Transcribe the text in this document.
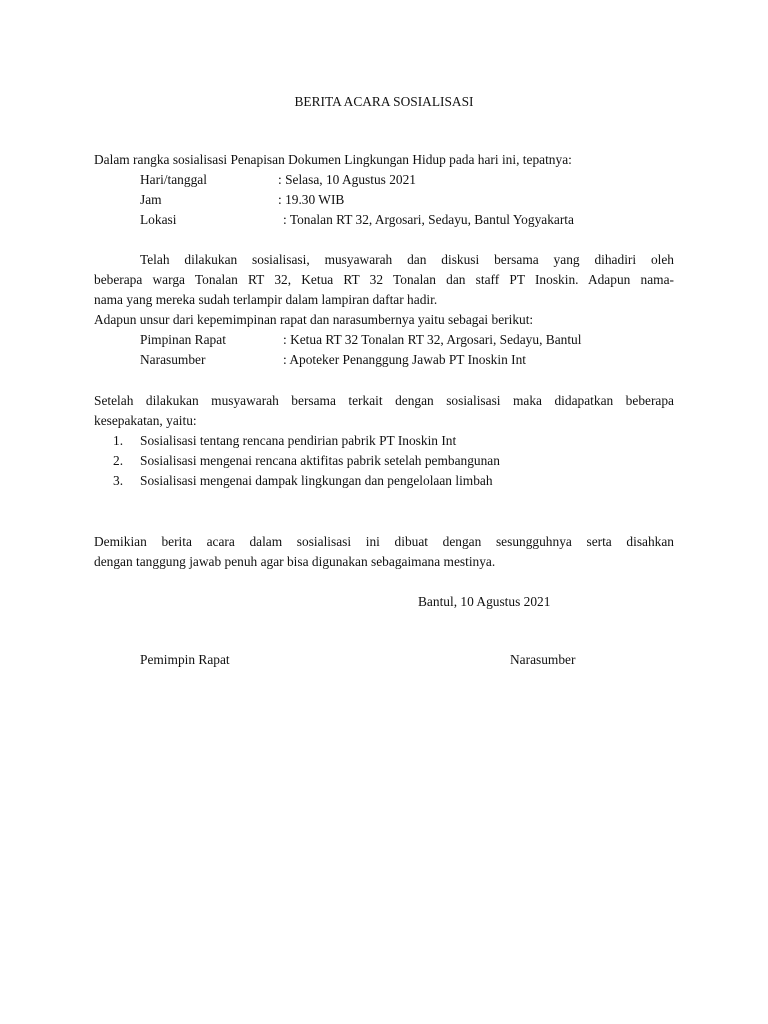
BERITA ACARA SOSIALISASI
Dalam rangka sosialisasi Penapisan Dokumen Lingkungan Hidup pada hari ini, tepatnya:
Hari/tanggal	: Selasa, 10 Agustus 2021
Jam	: 19.30 WIB
Lokasi	: Tonalan RT 32, Argosari, Sedayu, Bantul Yogyakarta
Telah dilakukan sosialisasi, musyawarah dan diskusi bersama yang dihadiri oleh
beberapa warga Tonalan RT 32, Ketua RT 32 Tonalan dan staff PT Inoskin. Adapun nama-
nama yang mereka sudah terlampir dalam lampiran daftar hadir.
Adapun unsur dari kepemimpinan rapat dan narasumbernya yaitu sebagai berikut:
Pimpinan Rapat	: Ketua RT 32 Tonalan RT 32, Argosari, Sedayu, Bantul
Narasumber	: Apoteker Penanggung Jawab PT Inoskin Int
Setelah dilakukan musyawarah bersama terkait dengan sosialisasi maka didapatkan beberapa
kesepakatan, yaitu:
1. Sosialisasi tentang rencana pendirian pabrik PT Inoskin Int
2. Sosialisasi mengenai rencana aktifitas pabrik setelah pembangunan
3. Sosialisasi mengenai dampak lingkungan dan pengelolaan limbah
Demikian berita acara dalam sosialisasi ini dibuat dengan sesungguhnya serta disahkan
dengan tanggung jawab penuh agar bisa digunakan sebagaimana mestinya.
Bantul, 10 Agustus 2021
Pemimpin Rapat	Narasumber
